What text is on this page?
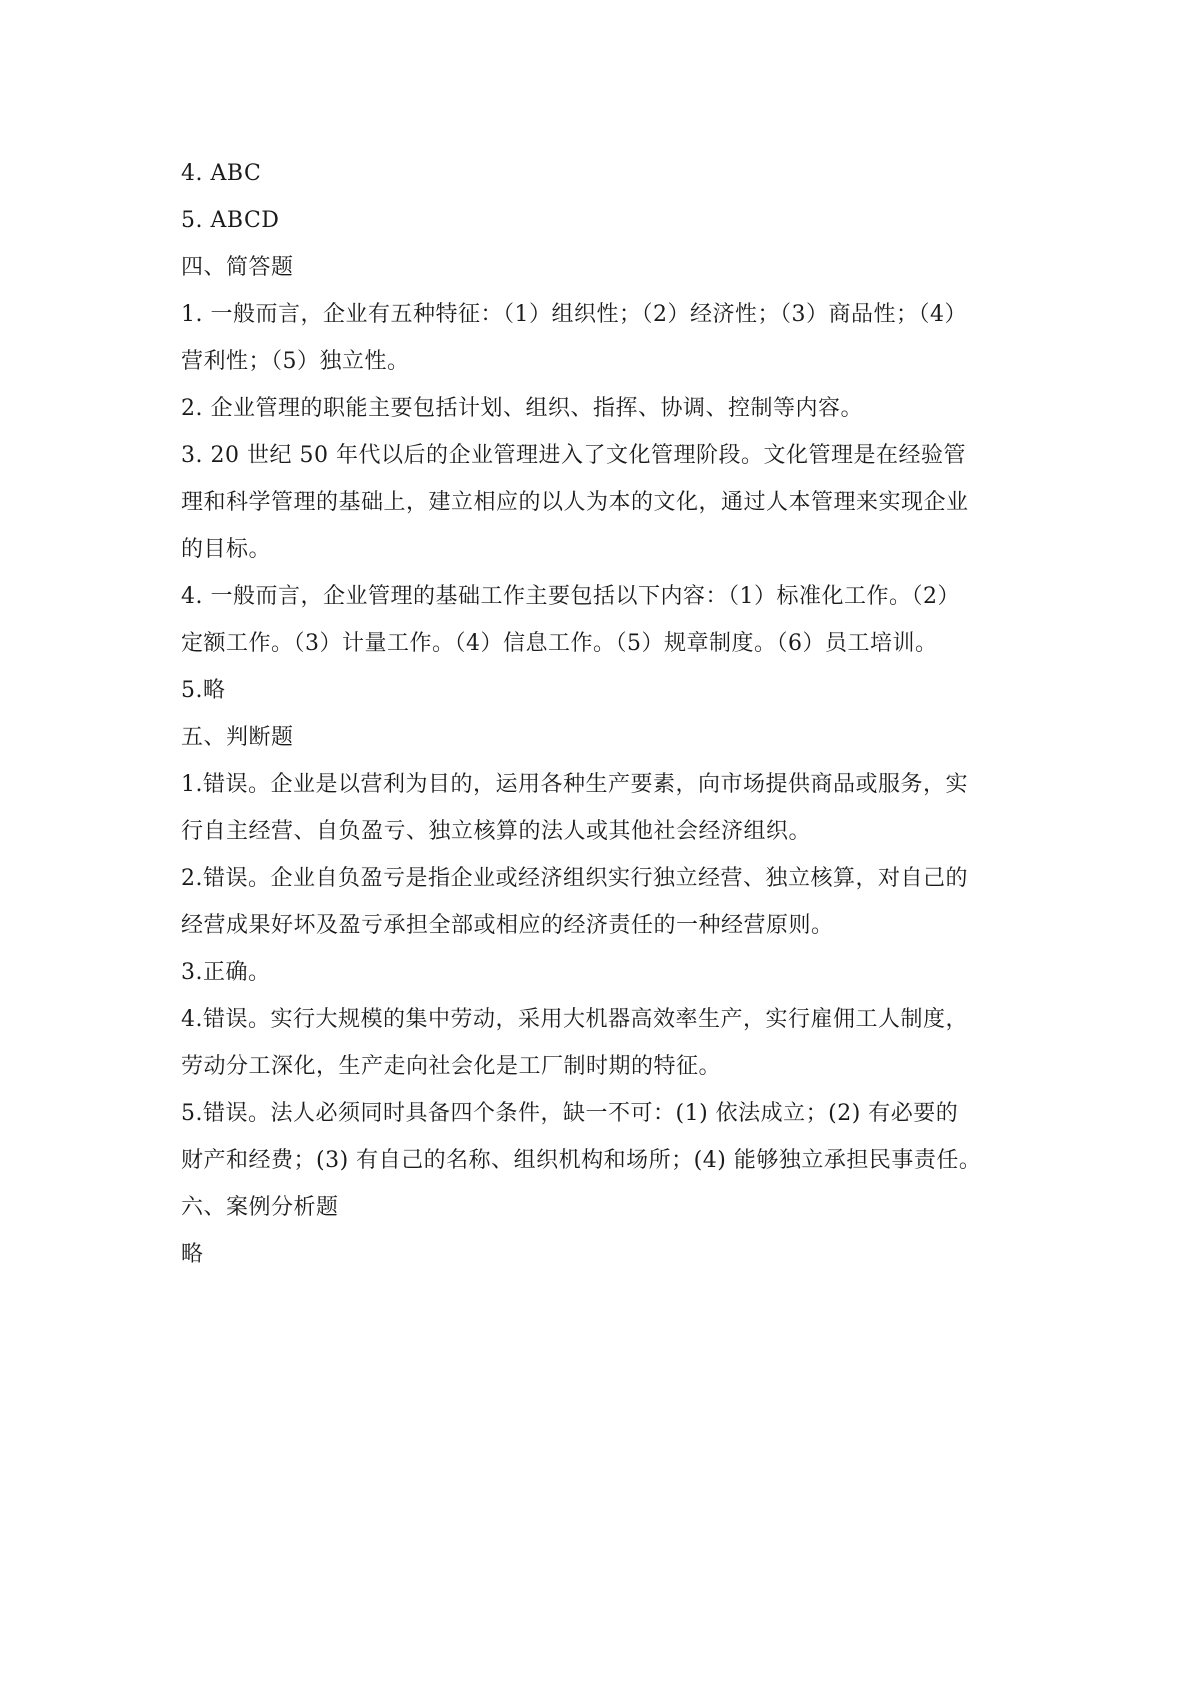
4. ABC
5. ABCD
四、简答题
1. 一般而言，企业有五种特征：（1）组织性；（2）经济性；（3）商品性；（4）
营利性；（5）独立性。
2. 企业管理的职能主要包括计划、组织、指挥、协调、控制等内容。
3. 20 世纪 50 年代以后的企业管理进入了文化管理阶段。文化管理是在经验管
理和科学管理的基础上，建立相应的以人为本的文化，通过人本管理来实现企业
的目标。
4. 一般而言，企业管理的基础工作主要包括以下内容：（1）标准化工作。（2）
定额工作。（3）计量工作。（4）信息工作。（5）规章制度。（6）员工培训。
5.略
五、判断题
1.错误。企业是以营利为目的，运用各种生产要素，向市场提供商品或服务，实
行自主经营、自负盈亏、独立核算的法人或其他社会经济组织。
2.错误。企业自负盈亏是指企业或经济组织实行独立经营、独立核算，对自己的
经营成果好坏及盈亏承担全部或相应的经济责任的一种经营原则。
3.正确。
4.错误。实行大规模的集中劳动，采用大机器高效率生产，实行雇佣工人制度，
劳动分工深化，生产走向社会化是工厂制时期的特征。
5.错误。法人必须同时具备四个条件，缺一不可：(1) 依法成立；(2) 有必要的
财产和经费；(3) 有自己的名称、组织机构和场所；(4) 能够独立承担民事责任。
六、案例分析题
略
